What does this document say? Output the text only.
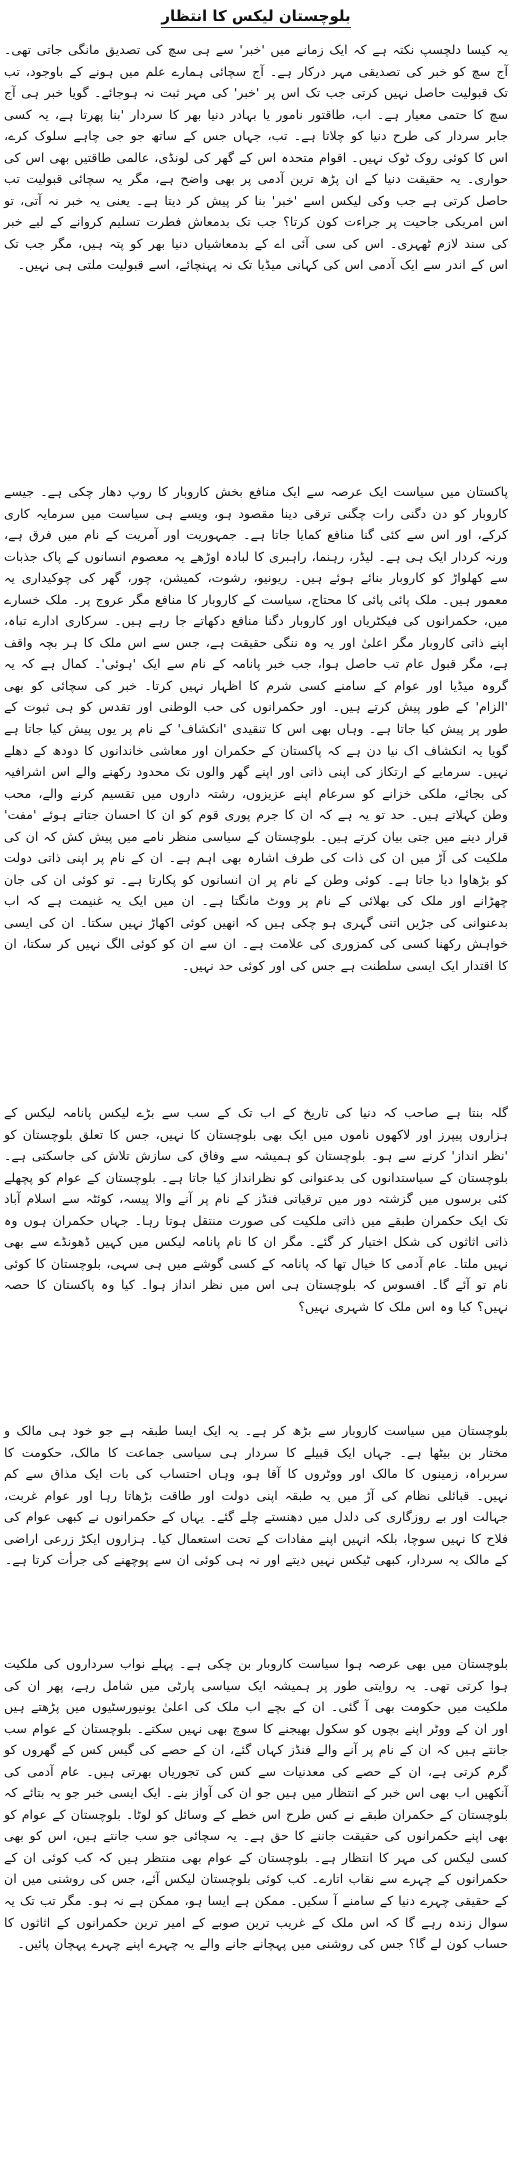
بلوچستان لیکس کا انتظار

یہ کیسا دلچسپ نکتہ ہے کہ ایک زمانے میں 'خبر' سے ہی سچ کی تصدیق مانگی جاتی تھی۔ آج سچ کو خبر کی تصدیقی مہر درکار ہے۔ آج سچائی ہمارے علم میں ہونے کے باوجود، تب تک قبولیت حاصل نہیں کرتی جب تک اس پر 'خبر' کی مہر ثبت نہ ہوجائے۔ گویا خبر ہی آج سچ کا حتمی معیار ہے۔ اب، طاقتور نامور یا بہادر دنیا بھر کا سردار 'بنا پھرتا ہے، یہ کسی جابر سردار کی طرح دنیا کو چلاتا ہے۔ تب، جہاں جس کے ساتھ جو جی چاہے سلوک کرے، اس کا کوئی روک ٹوک نہیں۔ اقوام متحدہ اس کے گھر کی لونڈی، عالمی طاقتیں بھی اس کی حواری۔ یہ حقیقت دنیا کے ان پڑھ ترین آدمی پر بھی واضح ہے، مگر یہ سچائی قبولیت تب حاصل کرتی ہے جب وکی لیکس اسے 'خبر' بنا کر پیش کر دیتا ہے۔ یعنی یہ خبر نہ آتی، تو اس امریکی جاحیت پر جراءت کون کرتا؟ جب تک بدمعاش فطرت تسلیم کروانے کے لیے خبر کی سند لازم ٹھہری۔ اس کی سی آئی اے کے بدمعاشیاں دنیا بھر کو پتہ ہیں، مگر جب تک اس کے اندر سے ایک آدمی اس کی کہانی میڈیا تک نہ پہنچائے، اسے قبولیت ملتی ہی نہیں۔

پاکستان میں سیاست ایک عرصہ سے ایک منافع بخش کاروبار کا روپ دھار چکی ہے۔ جیسے کاروبار کو دن دگنی رات چگنی ترقی دینا مقصود ہو، ویسے ہی سیاست میں سرمایہ کاری کرکے، اور اس سے کئی گنا منافع کمایا جاتا ہے۔ جمہوریت اور آمریت کے نام میں فرق ہے، ورنہ کردار ایک ہی ہے۔ لیڈر، رہنما، راہبری کا لبادہ اوڑھے یہ معصوم انسانوں کے پاک جذبات سے کھلواڑ کو کاروبار بنائے ہوئے ہیں۔ ریونیو، رشوت، کمیشن، چور، گھر کی چوکیداری یہ معمور ہیں۔ ملک پائی پائی کا محتاج، سیاست کے کاروبار کا منافع مگر عروج پر۔ ملک خسارے میں، حکمرانوں کی فیکٹریاں اور کاروبار دگنا منافع دکھاتے جا رہے ہیں۔ سرکاری ادارے تباہ، اپنے ذاتی کاروبار مگر اعلیٰ اور یہ وہ ننگی حقیقت ہے، جس سے اس ملک کا ہر بچہ واقف ہے، مگر قبول عام تب حاصل ہوا، جب خبر پانامہ کے نام سے ایک 'ہوئی'۔ کمال ہے کہ یہ گروہ میڈیا اور عوام کے سامنے کسی شرم کا اظہار نہیں کرتا۔ خبر کی سچائی کو بھی 'الزام' کے طور پیش کرتے ہیں۔ اور حکمرانوں کی حب الوطنی اور تقدس کو ہی ثبوت کے طور پر پیش کیا جاتا ہے۔ وہاں بھی اس کا تنقیدی 'انکشاف' کے نام پر یوں پیش کیا جاتا ہے گویا یہ انکشاف اک نیا دن ہے کہ پاکستان کے حکمران اور معاشی خاندانوں کا دودھ کے دھلے نہیں۔ سرمایے کے ارتکاز کی اپنی ذاتی اور اپنے گھر والوں تک محدود رکھنے والے اس اشرافیہ کی بجائے، ملکی خزانے کو سرعام اپنے عزیزوں، رشتہ داروں میں تقسیم کرنے والے، محب وطن کہلاتے ہیں۔ حد تو یہ ہے کہ ان کا جرم پوری قوم کو ان کا احسان جتاتے ہوئے 'مفت' قرار دینے میں جتی بیان کرتے ہیں۔ بلوچستان کے سیاسی منظر نامے میں پیش کش کہ ان کی ملکیت کی آڑ میں ان کی ذات کی طرف اشارہ بھی اہم ہے۔ ان کے نام پر اپنی ذاتی دولت کو بڑھاوا دیا جاتا ہے۔ کوئی وطن کے نام پر ان انسانوں کو پکارتا ہے۔ تو کوئی ان کی جان چھڑانے اور ملک کی بھلائی کے نام پر ووٹ مانگتا ہے۔ ان میں ایک یہ غنیمت ہے کہ اب بدعنوانی کی جڑیں اتنی گہری ہو چکی ہیں کہ انھیں کوئی اکھاڑ نہیں سکتا۔ ان کی ایسی خواہش رکھنا کسی کی کمزوری کی علامت ہے۔ ان سے ان کو کوئی الگ نہیں کر سکتا، ان کا اقتدار ایک ایسی سلطنت ہے جس کی اور کوئی حد نہیں۔

گلہ بنتا ہے صاحب کہ دنیا کی تاریخ کے اب تک کے سب سے بڑے لیکس پانامہ لیکس کے ہزاروں پیپرز اور لاکھوں ناموں میں ایک بھی بلوچستان کا نہیں، جس کا تعلق بلوچستان کو 'نظر انداز' کرنے سے ہو۔ بلوچستان کو ہمیشہ سے وفاق کی سازش تلاش کی جاسکتی ہے۔ بلوچستان کے سیاستدانوں کی بدعنوانی کو نظرانداز کیا جاتا ہے۔ بلوچستان کے عوام کو پچھلے کئی برسوں میں گزشتہ دور میں ترقیاتی فنڈز کے نام پر آنے والا پیسہ، کوئٹہ سے اسلام آباد تک ایک حکمران طبقے میں ذاتی ملکیت کی صورت منتقل ہوتا رہا۔ جہاں حکمران ہوں وہ ذاتی اثاثوں کی شکل اختیار کر گئے۔ مگر ان کا نام پانامہ لیکس میں کہیں ڈھونڈے سے بھی نہیں ملتا۔ عام آدمی کا خیال تھا کہ پانامہ کے کسی گوشے میں ہی سہی، بلوچستان کا کوئی نام تو آئے گا۔ افسوس کہ بلوچستان ہی اس میں نظر انداز ہوا۔ کیا وہ پاکستان کا حصہ نہیں؟ کیا وہ اس ملک کا شہری نہیں؟

بلوچستان میں سیاست کاروبار سے بڑھ کر ہے۔ یہ ایک ایسا طبقہ ہے جو خود ہی مالک و مختار بن بیٹھا ہے۔ جہاں ایک قبیلے کا سردار ہی سیاسی جماعت کا مالک، حکومت کا سربراہ، زمینوں کا مالک اور ووٹروں کا آقا ہو، وہاں احتساب کی بات ایک مذاق سے کم نہیں۔ قبائلی نظام کی آڑ میں یہ طبقہ اپنی دولت اور طاقت بڑھاتا رہا اور عوام غربت، جہالت اور بے روزگاری کی دلدل میں دھنستے چلے گئے۔ یہاں کے حکمرانوں نے کبھی عوام کی فلاح کا نہیں سوچا، بلکہ انہیں اپنے مفادات کے تحت استعمال کیا۔ ہزاروں ایکڑ زرعی اراضی کے مالک یہ سردار، کبھی ٹیکس نہیں دیتے اور نہ ہی کوئی ان سے پوچھنے کی جرأت کرتا ہے۔

بلوچستان میں بھی عرصہ ہوا سیاست کاروبار بن چکی ہے۔ پہلے نواب سرداروں کی ملکیت ہوا کرتی تھی۔ یہ روایتی طور پر ہمیشہ ایک سیاسی پارٹی میں شامل رہے، پھر ان کی ملکیت میں حکومت بھی آ گئی۔ ان کے بچے اب ملک کی اعلیٰ یونیورسٹیوں میں پڑھتے ہیں اور ان کے ووٹر اپنے بچوں کو سکول بھیجنے کا سوچ بھی نہیں سکتے۔ بلوچستان کے عوام سب جانتے ہیں کہ ان کے نام پر آنے والے فنڈز کہاں گئے، ان کے حصے کی گیس کس کے گھروں کو گرم کرتی ہے، ان کے حصے کی معدنیات سے کس کی تجوریاں بھرتی ہیں۔ عام آدمی کی آنکھیں اب بھی اس خبر کے انتظار میں ہیں جو ان کی آواز بنے۔ ایک ایسی خبر جو یہ بتائے کہ بلوچستان کے حکمران طبقے نے کس طرح اس خطے کے وسائل کو لوٹا۔ بلوچستان کے عوام کو بھی اپنے حکمرانوں کی حقیقت جاننے کا حق ہے۔ یہ سچائی جو سب جانتے ہیں، اس کو بھی کسی لیکس کی مہر کا انتظار ہے۔ بلوچستان کے عوام بھی منتظر ہیں کہ کب کوئی ان کے حکمرانوں کے چہرے سے نقاب اتارے۔ کب کوئی بلوچستان لیکس آئے، جس کی روشنی میں ان کے حقیقی چہرے دنیا کے سامنے آ سکیں۔ ممکن ہے ایسا ہو، ممکن ہے نہ ہو۔ مگر تب تک یہ سوال زندہ رہے گا کہ اس ملک کے غریب ترین صوبے کے امیر ترین حکمرانوں کے اثاثوں کا حساب کون لے گا؟ جس کی روشنی میں پہچانے جانے والے یہ چہرے اپنے چہرے پہچان پائیں۔
